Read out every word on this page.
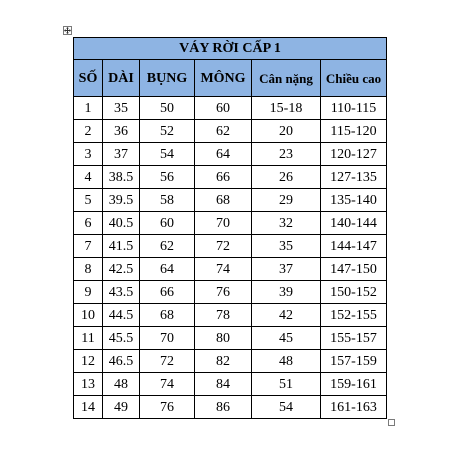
VÁY RỜI CẤP 1					
SỐ	DÀI	BỤNG	MÔNG	Cân nặng	Chiều cao
1	35	50	60	15-18	110-115
2	36	52	62	20	115-120
3	37	54	64	23	120-127
4	38.5	56	66	26	127-135
5	39.5	58	68	29	135-140
6	40.5	60	70	32	140-144
7	41.5	62	72	35	144-147
8	42.5	64	74	37	147-150
9	43.5	66	76	39	150-152
10	44.5	68	78	42	152-155
11	45.5	70	80	45	155-157
12	46.5	72	82	48	157-159
13	48	74	84	51	159-161
14	49	76	86	54	161-163
